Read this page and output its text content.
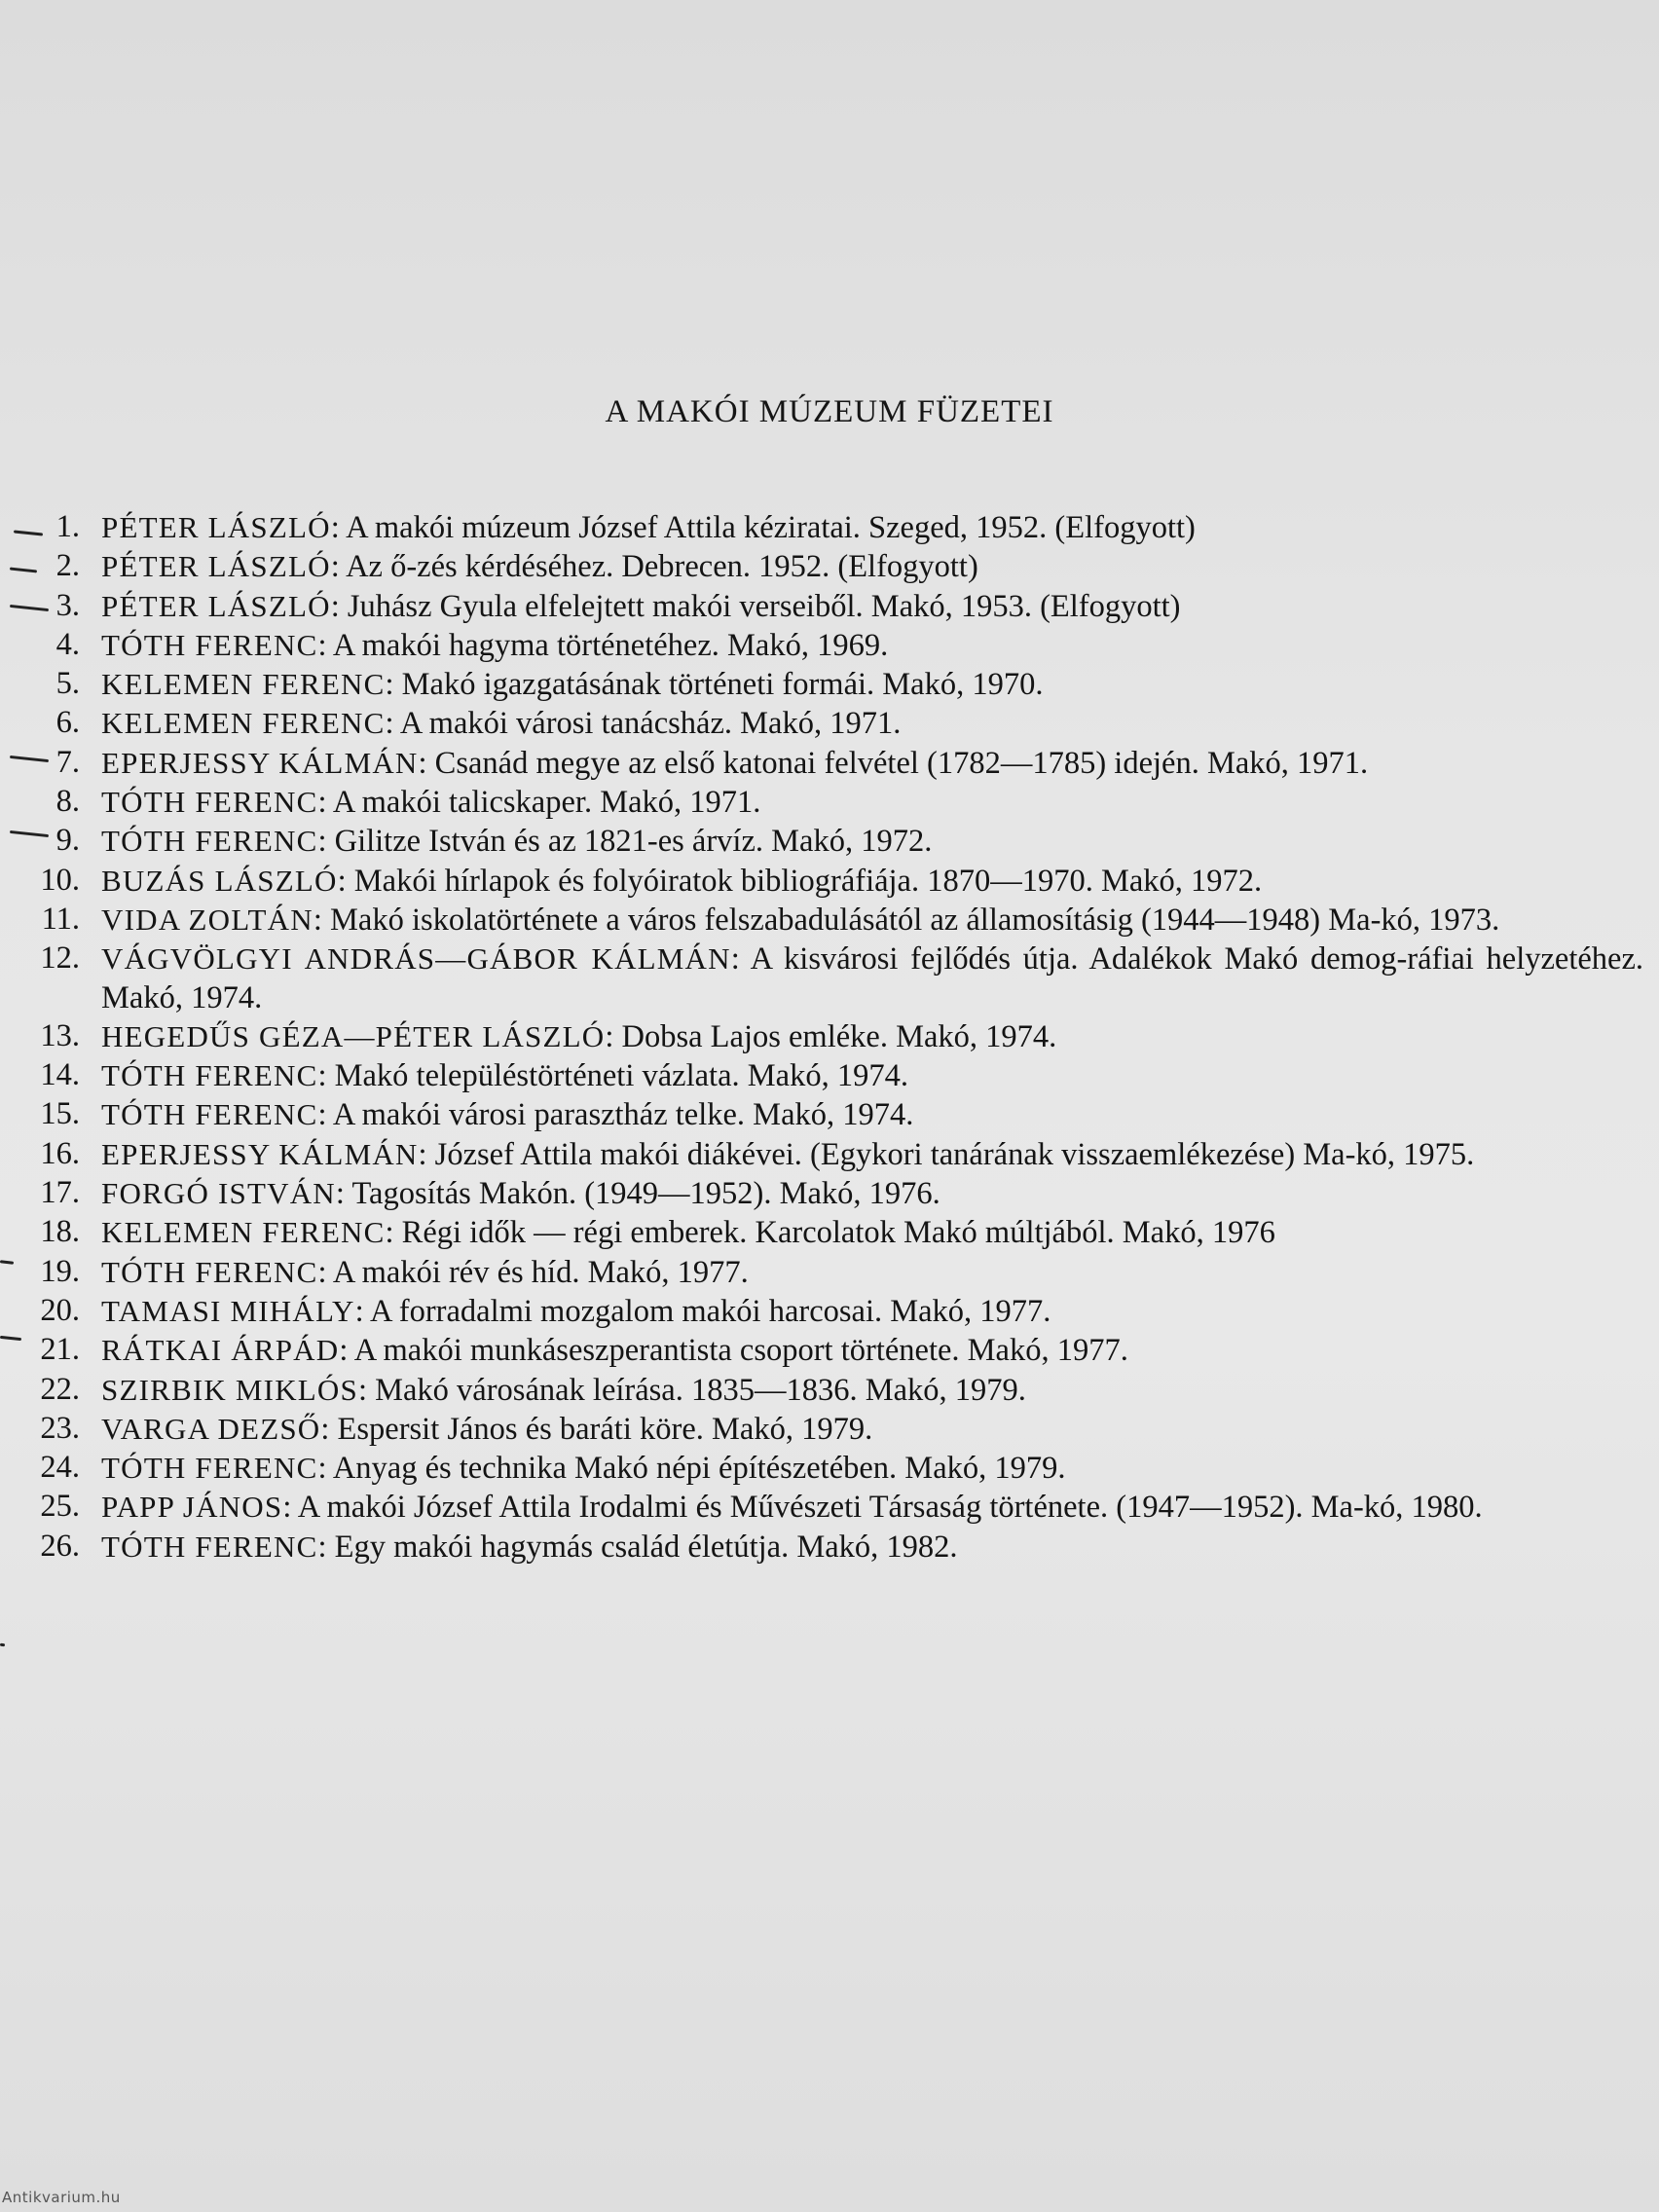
A MAKÓI MÚZEUM FÜZETEI
1. PÉTER LÁSZLÓ: A makói múzeum József Attila kéziratai. Szeged, 1952. (Elfogyott)
2. PÉTER LÁSZLÓ: Az ő-zés kérdéséhez. Debrecen. 1952. (Elfogyott)
3. PÉTER LÁSZLÓ: Juhász Gyula elfelejtett makói verseiből. Makó, 1953. (Elfogyott)
4. TÓTH FERENC: A makói hagyma történetéhez. Makó, 1969.
5. KELEMEN FERENC: Makó igazgatásának történeti formái. Makó, 1970.
6. KELEMEN FERENC: A makói városi tanácsház. Makó, 1971.
7. EPERJESSY KÁLMÁN: Csanád megye az első katonai felvétel (1782—1785) idején. Makó, 1971.
8. TÓTH FERENC: A makói talicskaper. Makó, 1971.
9. TÓTH FERENC: Gilitze István és az 1821-es árvíz. Makó, 1972.
10. BUZÁS LÁSZLÓ: Makói hírlapok és folyóiratok bibliográfiája. 1870—1970. Makó, 1972.
11. VIDA ZOLTÁN: Makó iskolatörténete a város felszabadulásától az államosításig (1944—1948) Ma-kó, 1973.
12. VÁGVÖLGYI ANDRÁS—GÁBOR KÁLMÁN: A kisvárosi fejlődés útja. Adalékok Makó demog-ráfiai helyzetéhez. Makó, 1974.
13. HEGEDŰS GÉZA—PÉTER LÁSZLÓ: Dobsa Lajos emléke. Makó, 1974.
14. TÓTH FERENC: Makó településtörténeti vázlata. Makó, 1974.
15. TÓTH FERENC: A makói városi parasztház telke. Makó, 1974.
16. EPERJESSY KÁLMÁN: József Attila makói diákévei. (Egykori tanárának visszaemlékezése) Ma-kó, 1975.
17. FORGÓ ISTVÁN: Tagosítás Makón. (1949—1952). Makó, 1976.
18. KELEMEN FERENC: Régi idők — régi emberek. Karcolatok Makó múltjából. Makó, 1976
19. TÓTH FERENC: A makói rév és híd. Makó, 1977.
20. TAMASI MIHÁLY: A forradalmi mozgalom makói harcosai. Makó, 1977.
21. RÁTKAI ÁRPÁD: A makói munkáseszperantista csoport története. Makó, 1977.
22. SZIRBIK MIKLÓS: Makó városának leírása. 1835—1836. Makó, 1979.
23. VARGA DEZSŐ: Espersit János és baráti köre. Makó, 1979.
24. TÓTH FERENC: Anyag és technika Makó népi építészetében. Makó, 1979.
25. PAPP JÁNOS: A makói József Attila Irodalmi és Művészeti Társaság története. (1947—1952). Ma-kó, 1980.
26. TÓTH FERENC: Egy makói hagymás család életútja. Makó, 1982.
Antikvarium.hu
